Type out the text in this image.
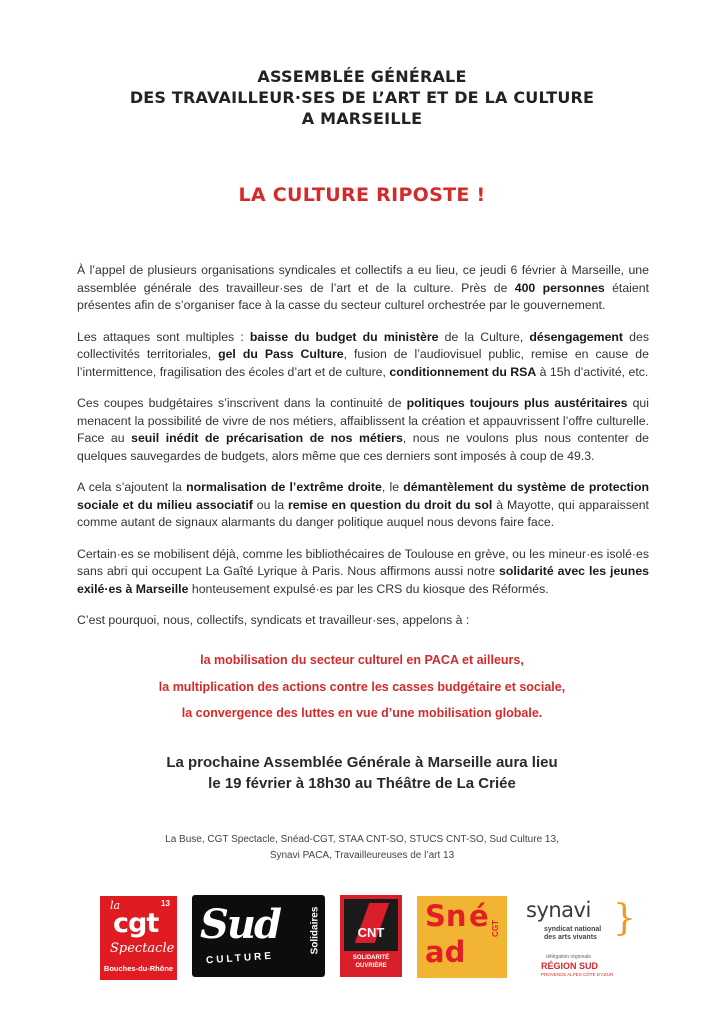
ASSEMBLÉE GÉNÉRALE
DES TRAVAILLEUR·SES DE L’ART ET DE LA CULTURE
A MARSEILLE
LA CULTURE RIPOSTE !

À l’appel de plusieurs organisations syndicales et collectifs a eu lieu, ce jeudi 6 février à Marseille, une assemblée générale des travailleur·ses de l’art et de la culture. Près de 400 personnes étaient présentes afin de s’organiser face à la casse du secteur culturel orchestrée par le gouvernement.

Les attaques sont multiples : baisse du budget du ministère de la Culture, désengagement des collectivités territoriales, gel du Pass Culture, fusion de l’audiovisuel public, remise en cause de l’intermittence, fragilisation des écoles d’art et de culture, conditionnement du RSA à 15h d’activité, etc.

Ces coupes budgétaires s’inscrivent dans la continuité de politiques toujours plus austéritaires qui menacent la possibilité de vivre de nos métiers, affaiblissent la création et appauvrissent l’offre culturelle. Face au seuil inédit de précarisation de nos métiers, nous ne voulons plus nous contenter de quelques sauvegardes de budgets, alors même que ces derniers sont imposés à coup de 49.3.

A cela s’ajoutent la normalisation de l’extrême droite, le démantèlement du système de protection sociale et du milieu associatif ou la remise en question du droit du sol à Mayotte, qui apparaissent comme autant de signaux alarmants du danger politique auquel nous devons faire face.

Certain·es se mobilisent déjà, comme les bibliothécaires de Toulouse en grève, ou les mineur·es isolé·es sans abri qui occupent La Gaîté Lyrique à Paris. Nous affirmons aussi notre solidarité avec les jeunes exilé·es à Marseille honteusement expulsé·es par les CRS du kiosque des Réformés.

C’est pourquoi, nous, collectifs, syndicats et travailleur·ses, appelons à :

la mobilisation du secteur culturel en PACA et ailleurs,
la multiplication des actions contre les casses budgétaire et sociale,
la convergence des luttes en vue d’une mobilisation globale.
La prochaine Assemblée Générale à Marseille aura lieu
le 19 février à 18h30 au Théâtre de La Criée
La Buse, CGT Spectacle, Snéad-CGT, STAA CNT-SO, STUCS CNT-SO, Sud Culture 13,
Synavi PACA, Travailleureuses de l’art 13
la
cgt
13
Spectacle
Bouches-du-Rhône
Sud
CULTURE
Solidaires	CNT
SOLIDARITÉ
OUVRIÈRE
Sn é
ad
CGT
synavi }
syndicat national
des arts vivants
délégation régionale
RÉGION SUD
PROVENCE ALPES CÔTE D’AZUR
